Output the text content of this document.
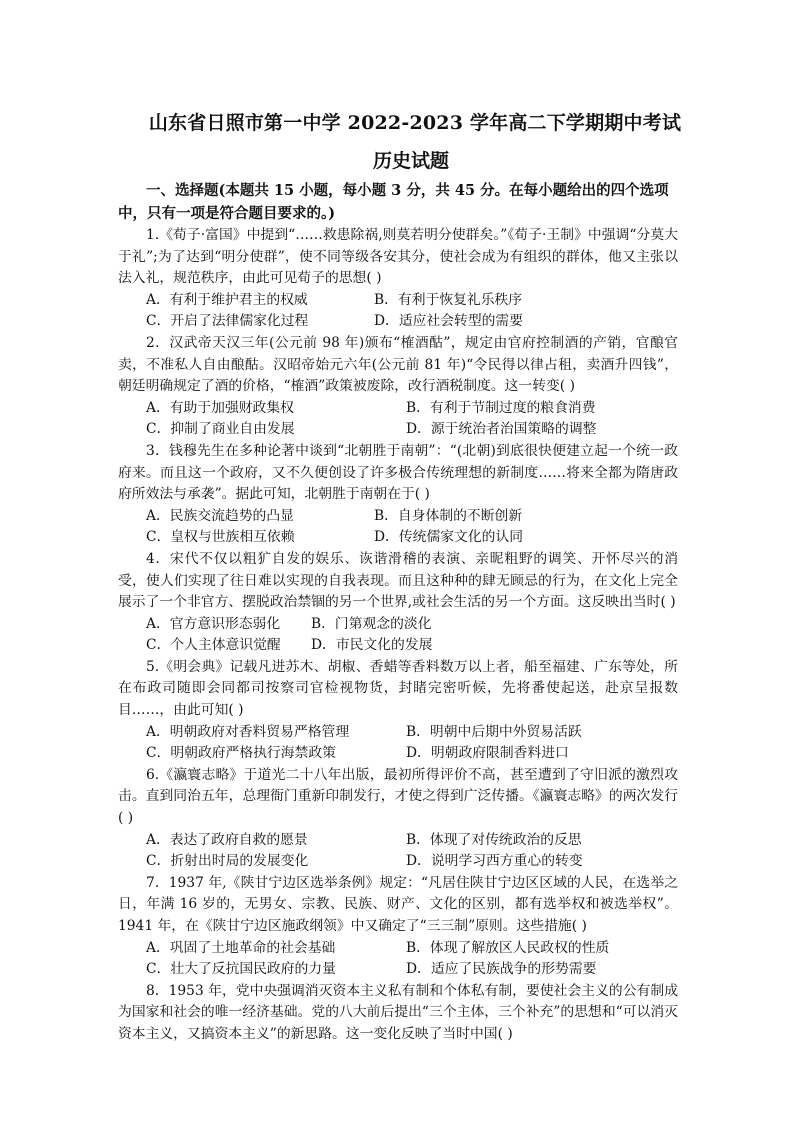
山东省日照市第一中学 2022-2023 学年高二下学期期中考试
历史试题

一、选择题(本题共 15 小题，每小题 3 分，共 45 分。在每小题给出的四个选项中，只有一项是符合题目要求的。)

1.《荀子·富国》中提到“……救患除祸,则莫若明分使群矣。”《荀子·王制》中强调“分莫大于礼”;为了达到“明分使群”，使不同等级各安其分，使社会成为有组织的群体，他又主张以法入礼，规范秩序，由此可见荀子的思想( )

A．有利于维护君主的权威	B．有利于恢复礼乐秩序
C．开启了法律儒家化过程	D．适应社会转型的需要

2．汉武帝天汉三年(公元前 98 年)颁布“榷酒酤”，规定由官府控制酒的产销，官酿官卖，不准私人自由酿酤。汉昭帝始元六年(公元前 81 年)“令民得以律占租，卖酒升四钱”，朝廷明确规定了酒的价格，“榷酒”政策被废除，改行酒税制度。这一转变( )

A．有助于加强财政集权	B．有利于节制过度的粮食消费
C．抑制了商业自由发展	D．源于统治者治国策略的调整

3．钱穆先生在多种论著中谈到“北朝胜于南朝”：“(北朝)到底很快便建立起一个统一政府来。而且这一个政府，又不久便创设了许多极合传统理想的新制度……将来全都为隋唐政府所效法与承袭”。据此可知，北朝胜于南朝在于( )

A．民族交流趋势的凸显	B．自身体制的不断创新
C．皇权与世族相互依赖	D．传统儒家文化的认同

4．宋代不仅以粗犷自发的娱乐、诙谐滑稽的表演、亲昵粗野的调笑、开怀尽兴的消受，使人们实现了往日难以实现的自我表现。而且这种种的肆无顾忌的行为，在文化上完全展示了一个非官方、摆脱政治禁锢的另一个世界,或社会生活的另一个方面。这反映出当时( )

A．官方意识形态弱化	B．门第观念的淡化
C．个人主体意识觉醒	D．市民文化的发展

5.《明会典》记载凡进苏木、胡椒、香蜡等香料数万以上者，船至福建、广东等处，所在布政司随即会同都司按察司官检视物货，封睹完密听候，先将番使起送，赴京呈报数目……，由此可知( )

A．明朝政府对香料贸易严格管理	B．明朝中后期中外贸易活跃
C．明朝政府严格执行海禁政策	D．明朝政府限制香料进口

6.《瀛寰志略》于道光二十八年出版，最初所得评价不高，甚至遭到了守旧派的激烈攻击。直到同治五年，总理衙门重新印制发行，才使之得到广泛传播。《瀛寰志略》的两次发行( )

A．表达了政府自救的愿景	B．体现了对传统政治的反思
C．折射出时局的发展变化	D．说明学习西方重心的转变

7．1937 年,《陕甘宁边区选举条例》规定：“凡居住陕甘宁边区区域的人民，在选举之日，年满 16 岁的，无男女、宗教、民族、财产、文化的区别，都有选举权和被选举权”。1941 年，在《陕甘宁边区施政纲领》中又确定了“三三制”原则。这些措施( )

A．巩固了土地革命的社会基础	B．体现了解放区人民政权的性质
C．壮大了反抗国民政府的力量	D．适应了民族战争的形势需要

8．1953 年，党中央强调消灭资本主义私有制和个体私有制，要使社会主义的公有制成为国家和社会的唯一经济基础。党的八大前后提出“三个主体，三个补充”的思想和“可以消灭资本主义，又搞资本主义”的新思路。这一变化反映了当时中国( )
